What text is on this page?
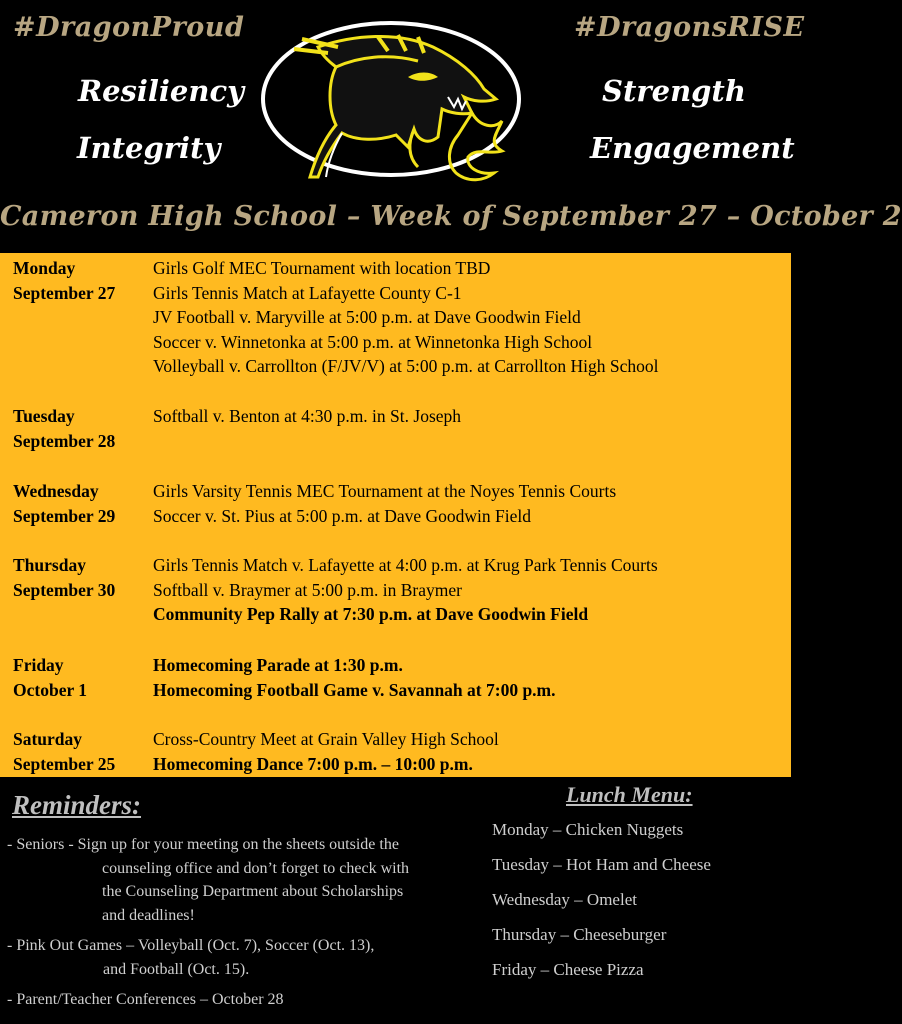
#DragonProud	#DragonsRISE
Resiliency
Integrity
Strength
Engagement
Cameron High School – Week of September 27 – October 2
Monday
September 27
Girls Golf MEC Tournament with location TBD
Girls Tennis Match at Lafayette County C-1
JV Football v. Maryville at 5:00 p.m. at Dave Goodwin Field
Soccer v. Winnetonka at 5:00 p.m. at Winnetonka High School
Volleyball v. Carrollton (F/JV/V) at 5:00 p.m. at Carrollton High School
Tuesday
September 28
Softball v. Benton at 4:30 p.m. in St. Joseph
Wednesday
September 29
Girls Varsity Tennis MEC Tournament at the Noyes Tennis Courts
Soccer v. St. Pius at 5:00 p.m. at Dave Goodwin Field
Thursday
September 30
Girls Tennis Match v. Lafayette at 4:00 p.m. at Krug Park Tennis Courts
Softball v. Braymer at 5:00 p.m. in Braymer
Community Pep Rally at 7:30 p.m. at Dave Goodwin Field
Friday
October 1
Homecoming Parade at 1:30 p.m.
Homecoming Football Game v. Savannah at 7:00 p.m.
Saturday
September 25
Cross-Country Meet at Grain Valley High School
Homecoming Dance 7:00 p.m. – 10:00 p.m.
Reminders:
- Seniors - Sign up for your meeting on the sheets outside the
counseling office and don’t forget to check with
the Counseling Department about Scholarships
and deadlines!
- Pink Out Games – Volleyball (Oct. 7), Soccer (Oct. 13),
and Football (Oct. 15).
- Parent/Teacher Conferences – October 28
Lunch Menu:
Monday – Chicken Nuggets
Tuesday – Hot Ham and Cheese
Wednesday – Omelet
Thursday – Cheeseburger
Friday – Cheese Pizza
